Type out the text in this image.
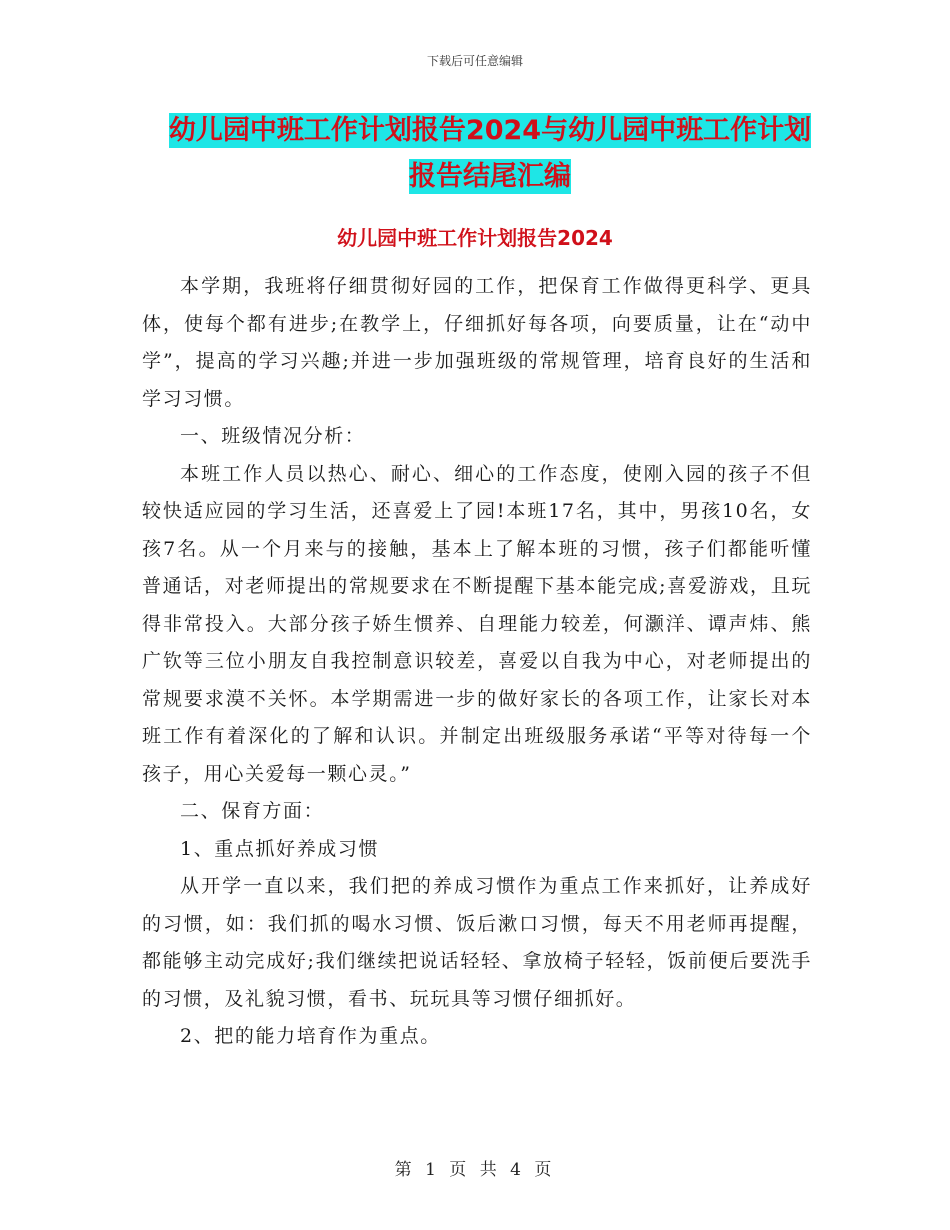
下载后可任意编辑
幼儿园中班工作计划报告2024与幼儿园中班工作计划
报告结尾汇编
幼儿园中班工作计划报告2024

本学期，我班将仔细贯彻好园的工作，把保育工作做得更科学、更具体，使每个都有进步;在教学上，仔细抓好每各项，向要质量，让在“动中学”，提高的学习兴趣;并进一步加强班级的常规管理，培育良好的生活和学习习惯。

一、班级情况分析：

本班工作人员以热心、耐心、细心的工作态度，使刚入园的孩子不但较快适应园的学习生活，还喜爱上了园!本班17名，其中，男孩10名，女孩7名。从一个月来与的接触，基本上了解本班的习惯，孩子们都能听懂普通话，对老师提出的常规要求在不断提醒下基本能完成;喜爱游戏，且玩得非常投入。大部分孩子娇生惯养、自理能力较差，何灏洋、谭声炜、熊广钦等三位小朋友自我控制意识较差，喜爱以自我为中心，对老师提出的常规要求漠不关怀。本学期需进一步的做好家长的各项工作，让家长对本班工作有着深化的了解和认识。并制定出班级服务承诺“平等对待每一个孩子，用心关爱每一颗心灵。”

二、保育方面：

1、重点抓好养成习惯

从开学一直以来，我们把的养成习惯作为重点工作来抓好，让养成好的习惯，如：我们抓的喝水习惯、饭后漱口习惯，每天不用老师再提醒，都能够主动完成好;我们继续把说话轻轻、拿放椅子轻轻，饭前便后要洗手的习惯，及礼貌习惯，看书、玩玩具等习惯仔细抓好。

2、把的能力培育作为重点。

第 1 页 共 4 页
